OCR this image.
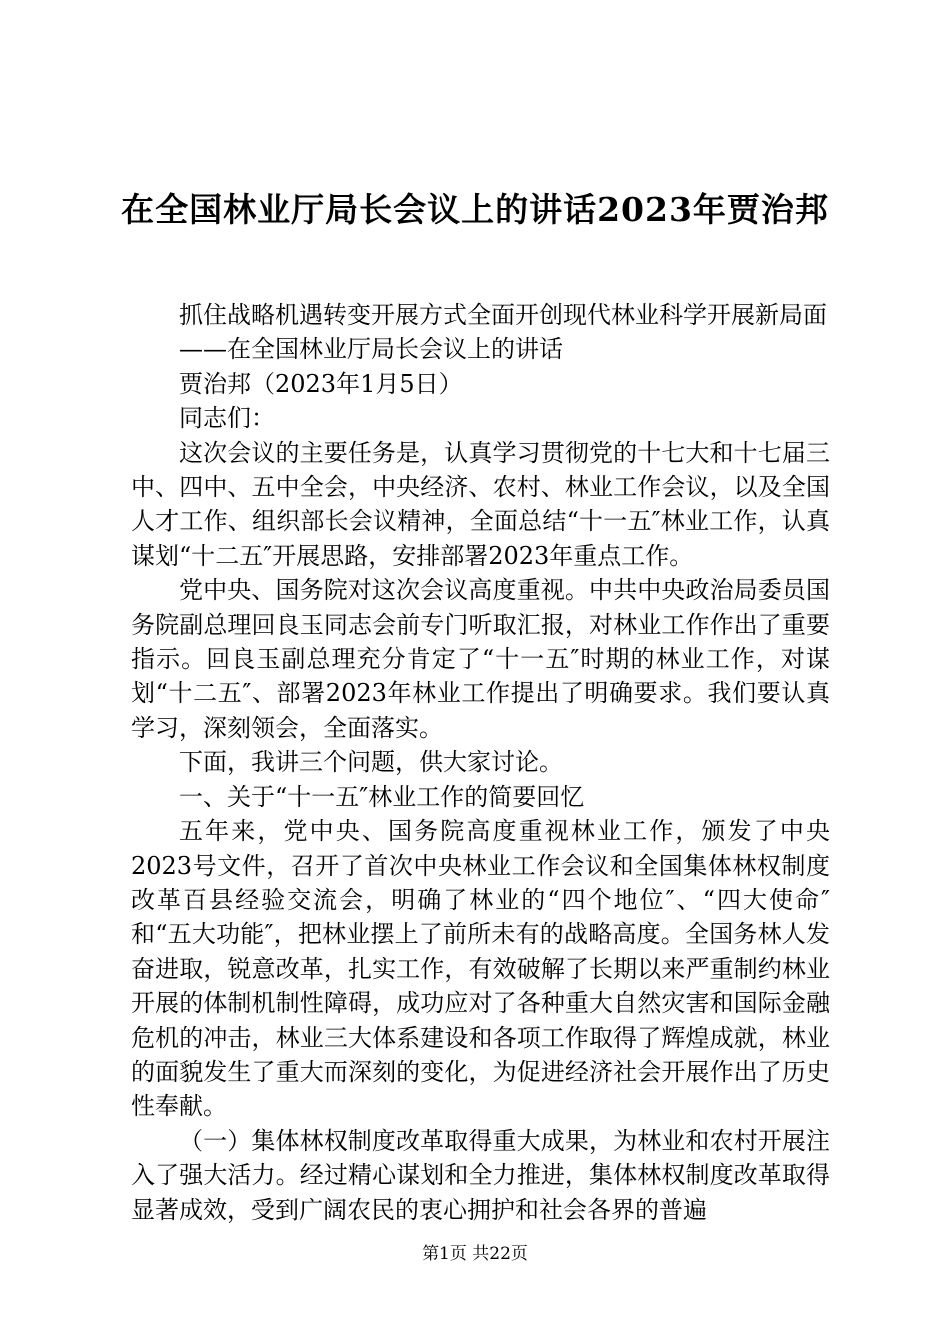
在全国林业厅局长会议上的讲话2023年贾治邦

抓住战略机遇转变开展方式全面开创现代林业科学开展新局面

——在全国林业厅局长会议上的讲话

贾治邦（2023年1月5日）

同志们：

这次会议的主要任务是，认真学习贯彻党的十七大和十七届三中、四中、五中全会，中央经济、农村、林业工作会议，以及全国人才工作、组织部长会议精神，全面总结“十一五″林业工作，认真谋划“十二五″开展思路，安排部署2023年重点工作。

党中央、国务院对这次会议高度重视。中共中央政治局委员国务院副总理回良玉同志会前专门听取汇报，对林业工作作出了重要指示。回良玉副总理充分肯定了“十一五″时期的林业工作，对谋划“十二五″、部署2023年林业工作提出了明确要求。我们要认真学习，深刻领会，全面落实。

下面，我讲三个问题，供大家讨论。

一、关于“十一五″林业工作的简要回忆

五年来，党中央、国务院高度重视林业工作，颁发了中央2023号文件，召开了首次中央林业工作会议和全国集体林权制度改革百县经验交流会，明确了林业的“四个地位″、“四大使命″和“五大功能″，把林业摆上了前所未有的战略高度。全国务林人发奋进取，锐意改革，扎实工作，有效破解了长期以来严重制约林业开展的体制机制性障碍，成功应对了各种重大自然灾害和国际金融危机的冲击，林业三大体系建设和各项工作取得了辉煌成就，林业的面貌发生了重大而深刻的变化，为促进经济社会开展作出了历史性奉献。

（一）集体林权制度改革取得重大成果，为林业和农村开展注入了强大活力。经过精心谋划和全力推进，集体林权制度改革取得显著成效，受到广阔农民的衷心拥护和社会各界的普遍

第1页 共22页
